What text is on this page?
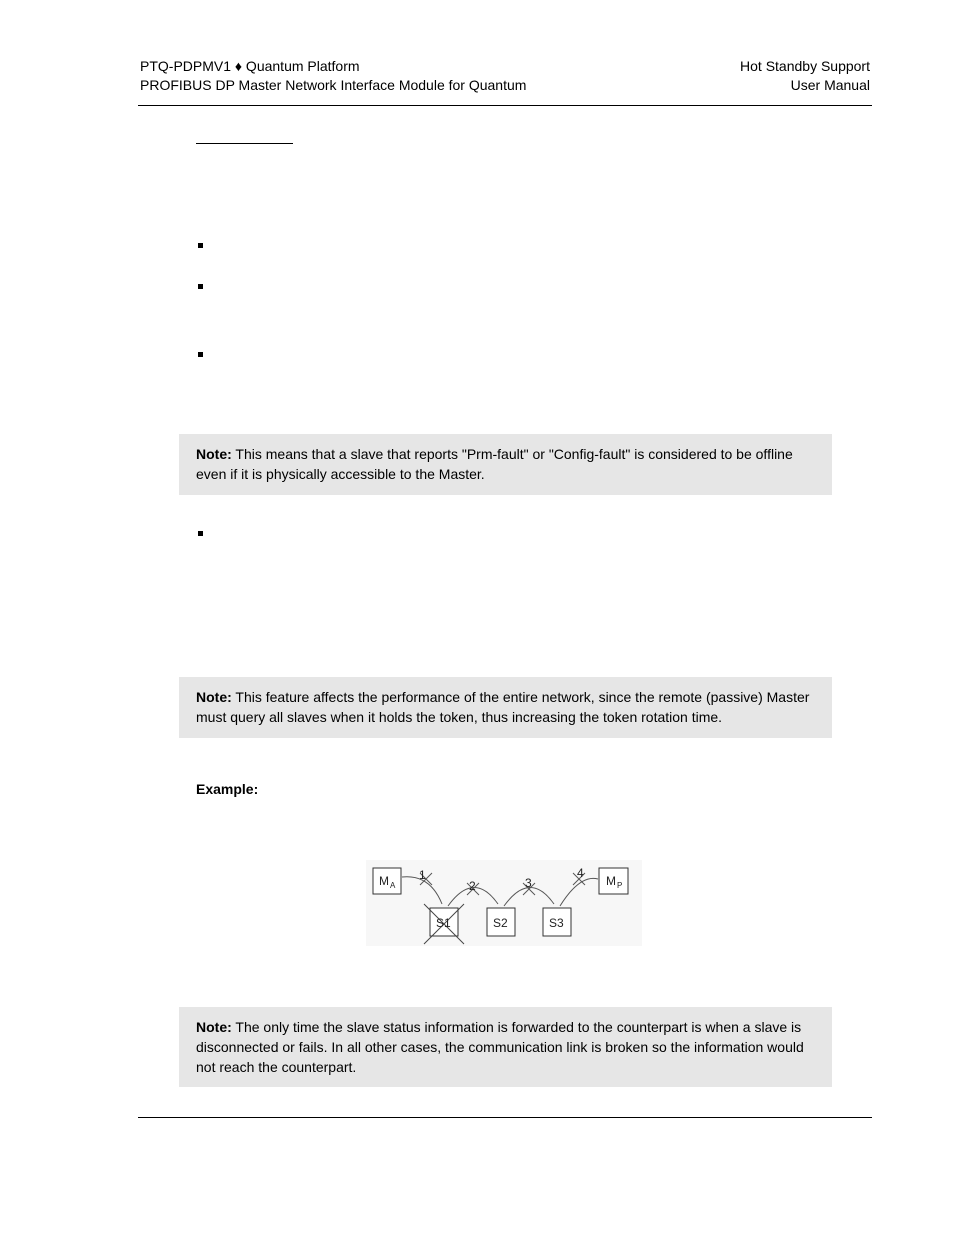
PTQ-PDPMV1 ♦ Quantum Platform
PROFIBUS DP Master Network Interface Module for Quantum
Hot Standby Support
User Manual
Note: This means that a slave that reports "Prm-fault" or "Config-fault" is considered to be offline even if it is physically accessible to the Master.
Note: This feature affects the performance of the entire network, since the remote (passive) Master must query all slaves when it holds the token, thus increasing the token rotation time.
Example:
M A	M P
S1	S2	S3
1
2	3
4
Note: The only time the slave status information is forwarded to the counterpart is when a slave is disconnected or fails. In all other cases, the communication link is broken so the information would not reach the counterpart.
